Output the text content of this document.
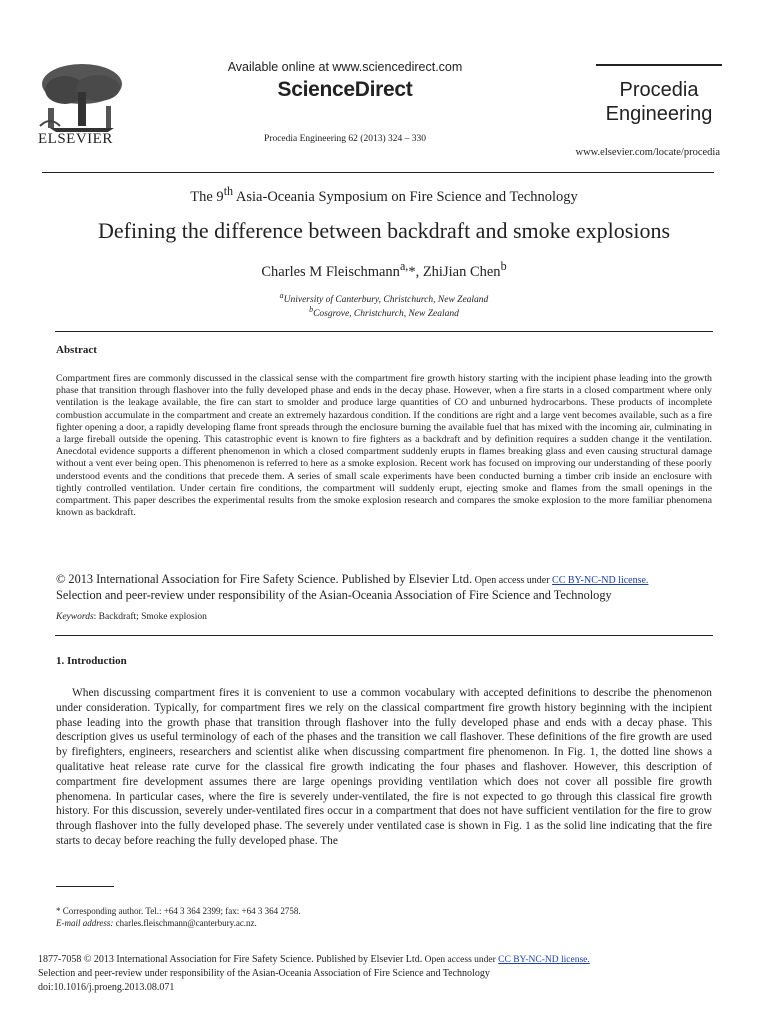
ELSEVIER
Available online at www.sciencedirect.com
ScienceDirect
Procedia Engineering 62 (2013) 324 – 330
Procedia
Engineering
www.elsevier.com/locate/procedia
The 9th Asia-Oceania Symposium on Fire Science and Technology
Defining the difference between backdraft and smoke explosions
Charles M Fleischmann$^{a,}$*, ZhiJian Chen$^b$
$^a$University of Canterbury, Christchurch, New Zealand
$^b$Cosgrove, Christchurch, New Zealand
Abstract
Compartment fires are commonly discussed in the classical sense with the compartment fire growth history starting with the incipient phase leading into the growth phase that transition through flashover into the fully developed phase and ends in the decay phase. However, when a fire starts in a closed compartment where only ventilation is the leakage available, the fire can start to smolder and produce large quantities of CO and unburned hydrocarbons. These products of incomplete combustion accumulate in the compartment and create an extremely hazardous condition. If the conditions are right and a large vent becomes available, such as a fire fighter opening a door, a rapidly developing flame front spreads through the enclosure burning the available fuel that has mixed with the incoming air, culminating in a large fireball outside the opening. This catastrophic event is known to fire fighters as a backdraft and by definition requires a sudden change it the ventilation. Anecdotal evidence supports a different phenomenon in which a closed compartment suddenly erupts in flames breaking glass and even causing structural damage without a vent ever being open. This phenomenon is referred to here as a smoke explosion. Recent work has focused on improving our understanding of these poorly understood events and the conditions that precede them. A series of small scale experiments have been conducted burning a timber crib inside an enclosure with tightly controlled ventilation. Under certain fire conditions, the compartment will suddenly erupt, ejecting smoke and flames from the small openings in the compartment. This paper describes the experimental results from the smoke explosion research and compares the smoke explosion to the more familiar phenomena known as backdraft.
© 2013 International Association for Fire Safety Science. Published by Elsevier Ltd. Open access under CC BY-NC-ND license.
Selection and peer-review under responsibility of the Asian-Oceania Association of Fire Science and Technology
Keywords: Backdraft; Smoke explosion
1. Introduction
When discussing compartment fires it is convenient to use a common vocabulary with accepted definitions to describe the phenomenon under consideration. Typically, for compartment fires we rely on the classical compartment fire growth history beginning with the incipient phase leading into the growth phase that transition through flashover into the fully developed phase and ends with a decay phase. This description gives us useful terminology of each of the phases and the transition we call flashover. These definitions of the fire growth are used by firefighters, engineers, researchers and scientist alike when discussing compartment fire phenomenon. In Fig. 1, the dotted line shows a qualitative heat release rate curve for the classical fire growth indicating the four phases and flashover. However, this description of compartment fire development assumes there are large openings providing ventilation which does not cover all possible fire growth phenomena. In particular cases, where the fire is severely under-ventilated, the fire is not expected to go through this classical fire growth history. For this discussion, severely under-ventilated fires occur in a compartment that does not have sufficient ventilation for the fire to grow through flashover into the fully developed phase. The severely under ventilated case is shown in Fig. 1 as the solid line indicating that the fire starts to decay before reaching the fully developed phase. The
* Corresponding author. Tel.: +64 3 364 2399; fax: +64 3 364 2758.
E-mail address: charles.fleischmann@canterbury.ac.nz.
1877-7058 © 2013 International Association for Fire Safety Science. Published by Elsevier Ltd. Open access under CC BY-NC-ND license.
Selection and peer-review under responsibility of the Asian-Oceania Association of Fire Science and Technology
doi:10.1016/j.proeng.2013.08.071
